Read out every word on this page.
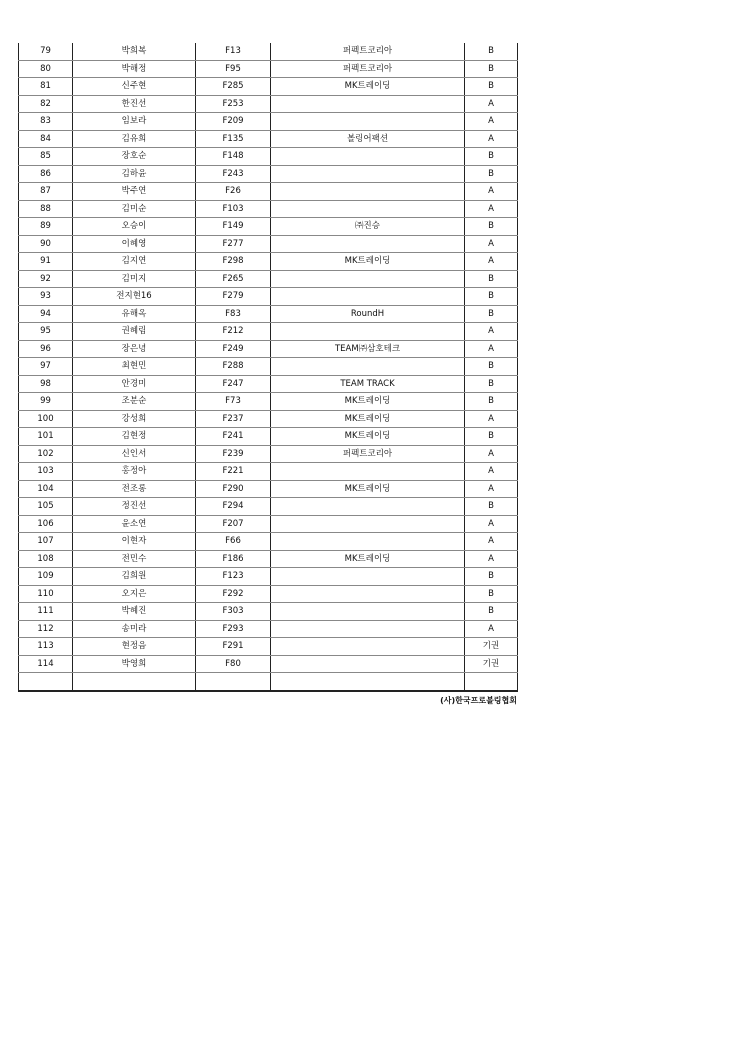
79	박희복	F13	퍼펙트코리아	B
80	박해정	F95	퍼펙트코리아	B
81	신주현	F285	MK트레이딩	B
82	한진선	F253		A
83	임보라	F209		A
84	김유희	F135	볼링어팩션	A
85	장호순	F148		B
86	김하윤	F243		B
87	박주연	F26		A
88	김미순	F103		A
89	오승이	F149	㈜진승	B
90	이혜영	F277		A
91	김지연	F298	MK트레이딩	A
92	김미지	F265		B
93	전지현16	F279		B
94	유해옥	F83	RoundH	B
95	권혜림	F212		A
96	장은녕	F249	TEAM㈜삼호테크	A
97	최현민	F288		B
98	안경미	F247	TEAM TRACK	B
99	조분순	F73	MK트레이딩	B
100	강성희	F237	MK트레이딩	A
101	김현정	F241	MK트레이딩	B
102	신인서	F239	퍼펙트코리아	A
103	홍정아	F221		A
104	전조롱	F290	MK트레이딩	A
105	정진선	F294		B
106	윤소연	F207		A
107	이현자	F66		A
108	전민수	F186	MK트레이딩	A
109	김희원	F123		B
110	오지은	F292		B
111	박혜진	F303		B
112	송미라	F293		A
113	현정음	F291		기권
114	박영희	F80		기권

(사)한국프로볼링협회
